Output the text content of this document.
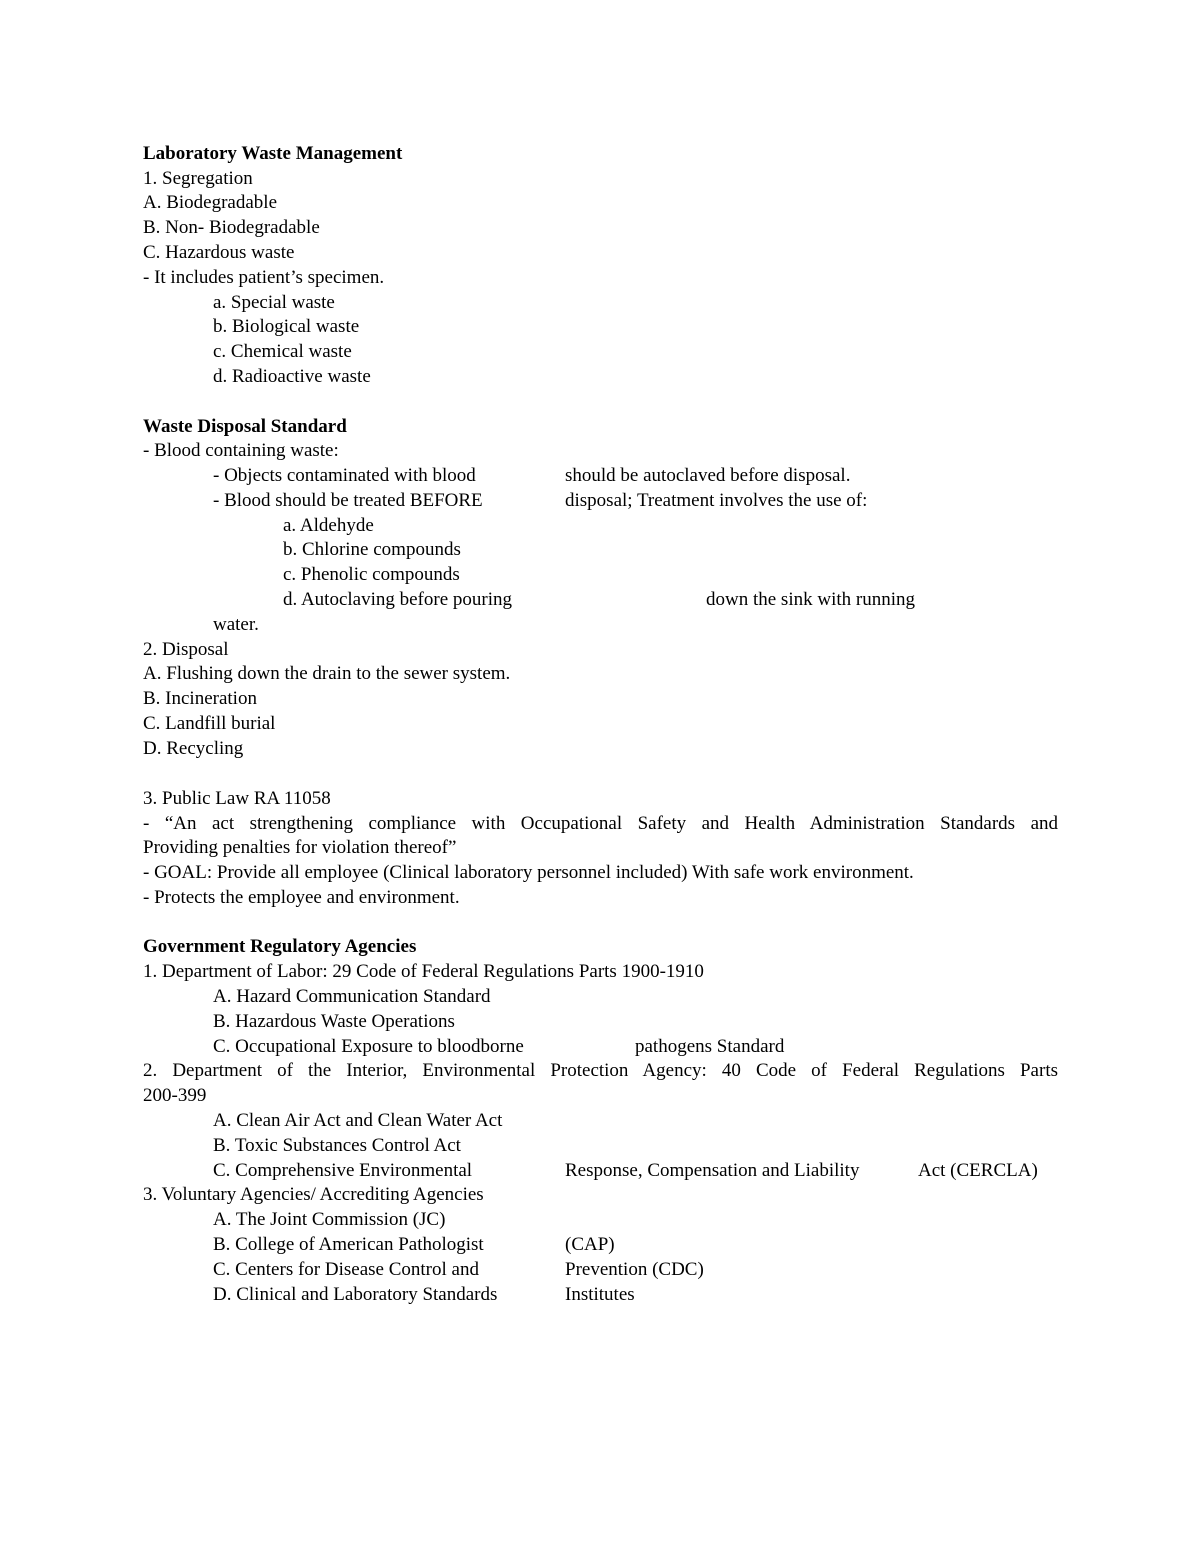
Laboratory Waste Management
1. Segregation
A. Biodegradable
B. Non- Biodegradable
C. Hazardous waste
- It includes patient’s specimen.
a. Special waste
b. Biological waste
c. Chemical waste
d. Radioactive waste
Waste Disposal Standard
- Blood containing waste:
- Objects contaminated with blood	should be autoclaved before disposal.
- Blood should be treated BEFORE	disposal; Treatment involves the use of:
a. Aldehyde
b. Chlorine compounds
c. Phenolic compounds
d. Autoclaving before pouring	down the sink with running
water.
2. Disposal
A. Flushing down the drain to the sewer system.
B. Incineration
C. Landfill burial
D. Recycling
3. Public Law RA 11058
- “An act strengthening compliance with Occupational Safety and Health Administration Standards and
Providing penalties for violation thereof”
- GOAL: Provide all employee (Clinical laboratory personnel included) With safe work environment.
- Protects the employee and environment.
Government Regulatory Agencies
1. Department of Labor: 29 Code of Federal Regulations Parts 1900-1910
A. Hazard Communication Standard
B. Hazardous Waste Operations
C. Occupational Exposure to bloodborne	pathogens Standard
2. Department of the Interior, Environmental Protection Agency: 40 Code of Federal Regulations Parts
200-399
A. Clean Air Act and Clean Water Act
B. Toxic Substances Control Act
C. Comprehensive Environmental	Response, Compensation and Liability	Act (CERCLA)
3. Voluntary Agencies/ Accrediting Agencies
A. The Joint Commission (JC)
B. College of American Pathologist	(CAP)
C. Centers for Disease Control and	Prevention (CDC)
D. Clinical and Laboratory Standards	Institutes
